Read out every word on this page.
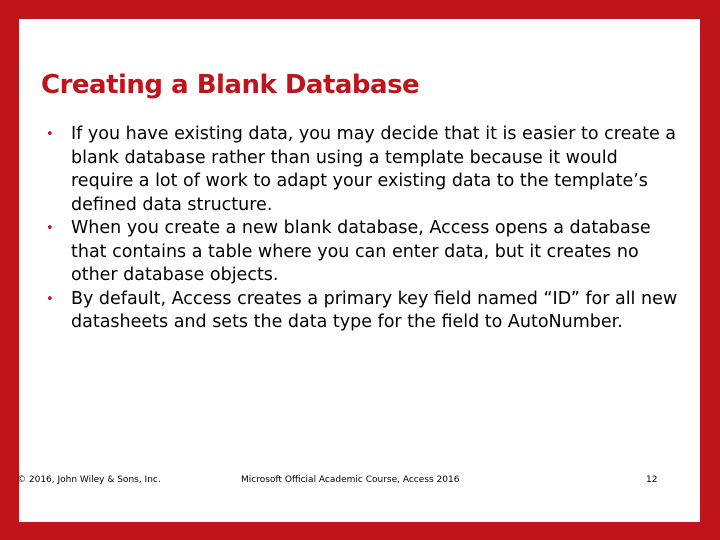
Creating a Blank Database
• If you have existing data, you may decide that it is easier to create a blank database rather than using a template because it would require a lot of work to adapt your existing data to the template’s defined data structure.
• When you create a new blank database, Access opens a database that contains a table where you can enter data, but it creates no other database objects.
• By default, Access creates a primary key field named “ID” for all new datasheets and sets the data type for the field to AutoNumber.
© 2016, John Wiley & Sons, Inc.	Microsoft Official Academic Course, Access 2016	12
